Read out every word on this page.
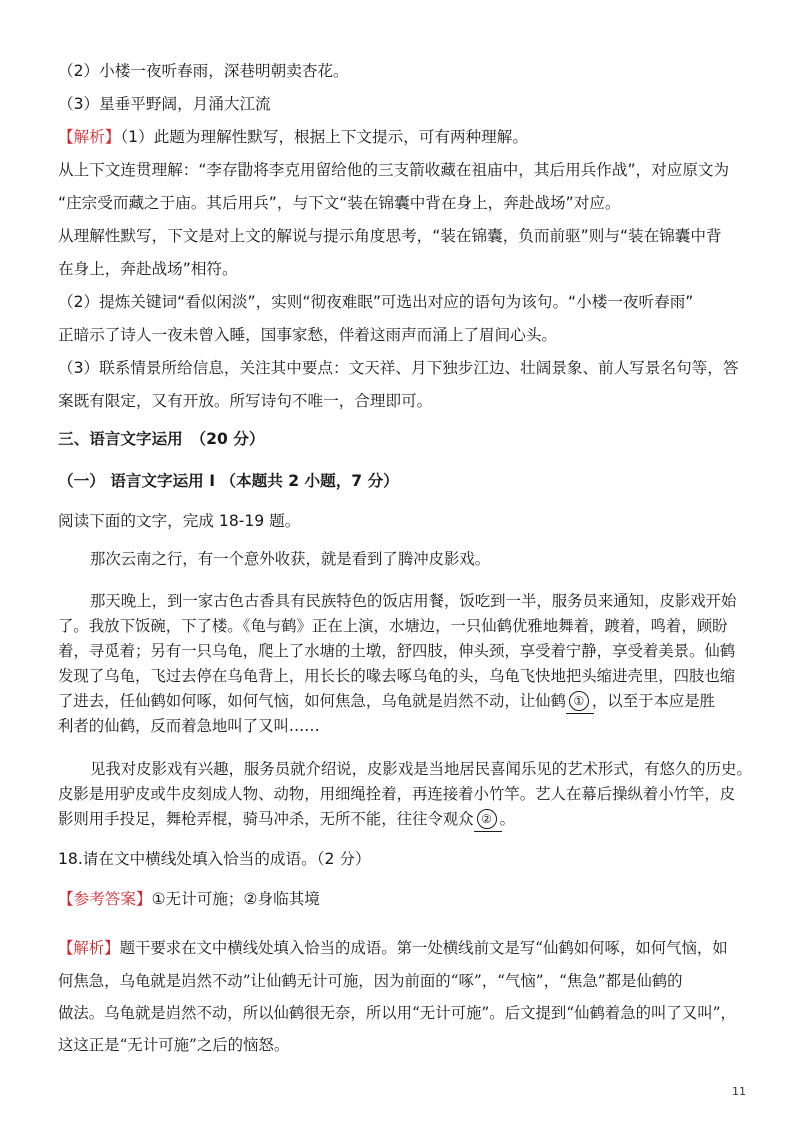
（2）小楼一夜听春雨，深巷明朝卖杏花。

（3）星垂平野阔，月涌大江流

【解析】（1）此题为理解性默写，根据上下文提示，可有两种理解。

从上下文连贯理解：“李存勖将李克用留给他的三支箭收藏在祖庙中，其后用兵作战”，对应原文为

“庄宗受而藏之于庙。其后用兵”，与下文“装在锦囊中背在身上，奔赴战场”对应。

从理解性默写，下文是对上文的解说与提示角度思考，“装在锦囊，负而前驱”则与“装在锦囊中背

在身上，奔赴战场”相符。

（2）提炼关键词“看似闲淡”，实则“彻夜难眠”可选出对应的语句为该句。“小楼一夜听春雨”

正暗示了诗人一夜未曾入睡，国事家愁，伴着这雨声而涌上了眉间心头。

（3）联系情景所给信息，关注其中要点：文天祥、月下独步江边、壮阔景象、前人写景名句等，答

案既有限定，又有开放。所写诗句不唯一，合理即可。

三、语言文字运用　（20 分）

（一） 语言文字运用 I （本题共 2 小题，7 分）

阅读下面的文字，完成 18-19 题。

那次云南之行，有一个意外收获，就是看到了腾冲皮影戏。

那天晚上，到一家古色古香具有民族特色的饭店用餐，饭吃到一半，服务员来通知，皮影戏开始

了。我放下饭碗，下了楼。《龟与鹤》正在上演，水塘边，一只仙鹤优雅地舞着，踱着，鸣着，顾盼

着，寻觅着；另有一只乌龟，爬上了水塘的土墩，舒四肢，伸头颈，享受着宁静，享受着美景。仙鹤

发现了乌龟，飞过去停在乌龟背上，用长长的喙去啄乌龟的头，乌龟飞快地把头缩进壳里，四肢也缩

了进去，任仙鹤如何啄，如何气恼，如何焦急，乌龟就是岿然不动，让仙鹤 ① ，以至于本应是胜

利者的仙鹤，反而着急地叫了又叫……

见我对皮影戏有兴趣，服务员就介绍说，皮影戏是当地居民喜闻乐见的艺术形式，有悠久的历史。

皮影是用驴皮或牛皮刻成人物、动物，用细绳拴着，再连接着小竹竿。艺人在幕后操纵着小竹竿，皮

影则用手投足，舞枪弄棍，骑马冲杀，无所不能，往往令观众 ② 。

18.请在文中横线处填入恰当的成语。（2 分）

【参考答案】①无计可施；②身临其境

【解析】题干要求在文中横线处填入恰当的成语。第一处横线前文是写“仙鹤如何啄，如何气恼，如

何焦急，乌龟就是岿然不动”让仙鹤无计可施，因为前面的“啄”，“气恼”，“焦急”都是仙鹤的

做法。乌龟就是岿然不动，所以仙鹤很无奈，所以用“无计可施”。后文提到“仙鹤着急的叫了又叫”，

这这正是“无计可施”之后的恼怒。

11
